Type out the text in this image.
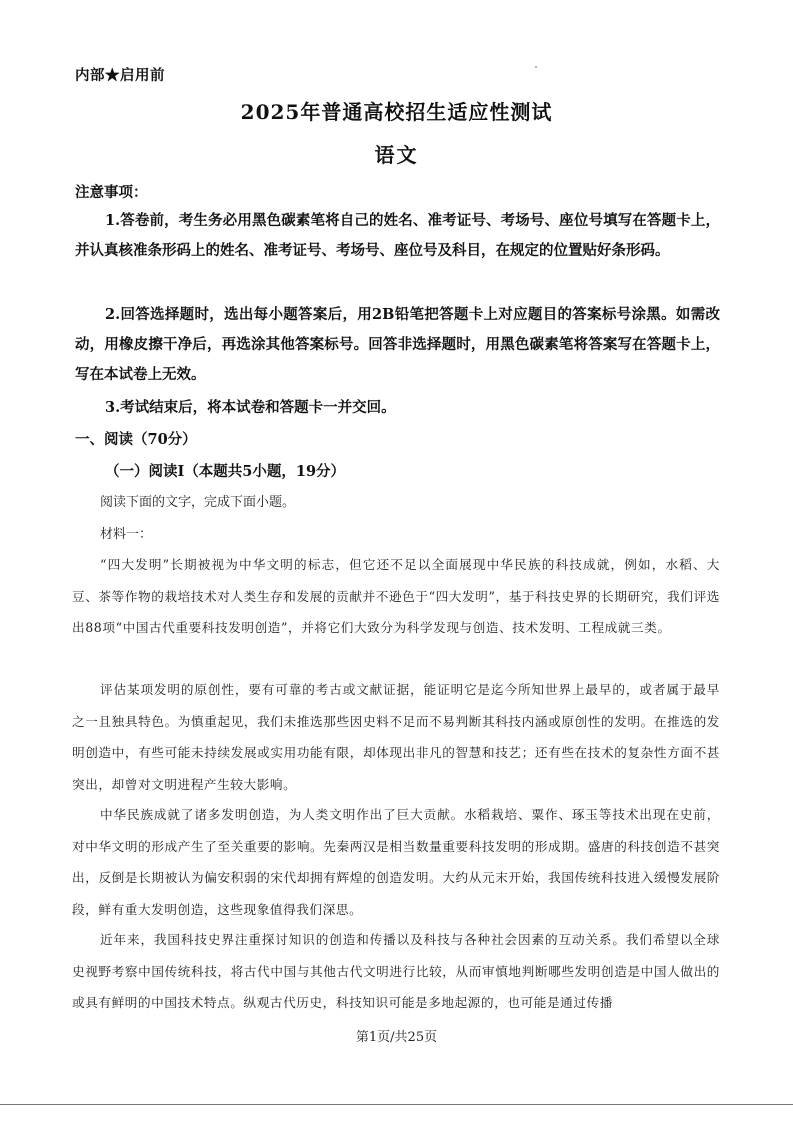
内部★启用前

2025年普通高校招生适应性测试
语文

注意事项：

1.答卷前，考生务必用黑色碳素笔将自己的姓名、准考证号、考场号、座位号填写在答题卡上，并认真核准条形码上的姓名、准考证号、考场号、座位号及科目，在规定的位置贴好条形码。

2.回答选择题时，选出每小题答案后，用2B铅笔把答题卡上对应题目的答案标号涂黑。如需改动，用橡皮擦干净后，再选涂其他答案标号。回答非选择题时，用黑色碳素笔将答案写在答题卡上，写在本试卷上无效。

3.考试结束后，将本试卷和答题卡一并交回。

一、阅读（70分）

（一）阅读Ⅰ（本题共5小题，19分）

阅读下面的文字，完成下面小题。

材料一：

“四大发明”长期被视为中华文明的标志，但它还不足以全面展现中华民族的科技成就，例如，水稻、大豆、茶等作物的栽培技术对人类生存和发展的贡献并不逊色于“四大发明”，基于科技史界的长期研究，我们评选出88项“中国古代重要科技发明创造”，并将它们大致分为科学发现与创造、技术发明、工程成就三类。

评估某项发明的原创性，要有可靠的考古或文献证据，能证明它是迄今所知世界上最早的，或者属于最早之一且独具特色。为慎重起见，我们未推选那些因史料不足而不易判断其科技内涵或原创性的发明。在推选的发明创造中，有些可能未持续发展或实用功能有限，却体现出非凡的智慧和技艺；还有些在技术的复杂性方面不甚突出，却曾对文明进程产生较大影响。

中华民族成就了诸多发明创造，为人类文明作出了巨大贡献。水稻栽培、粟作、琢玉等技术出现在史前，对中华文明的形成产生了至关重要的影响。先秦两汉是相当数量重要科技发明的形成期。盛唐的科技创造不甚突出，反倒是长期被认为偏安积弱的宋代却拥有辉煌的创造发明。大约从元末开始，我国传统科技进入缓慢发展阶段，鲜有重大发明创造，这些现象值得我们深思。

近年来，我国科技史界注重探讨知识的创造和传播以及科技与各种社会因素的互动关系。我们希望以全球史视野考察中国传统科技，将古代中国与其他古代文明进行比较，从而审慎地判断哪些发明创造是中国人做出的或具有鲜明的中国技术特点。纵观古代历史，科技知识可能是多地起源的，也可能是通过传播

第1页/共25页
